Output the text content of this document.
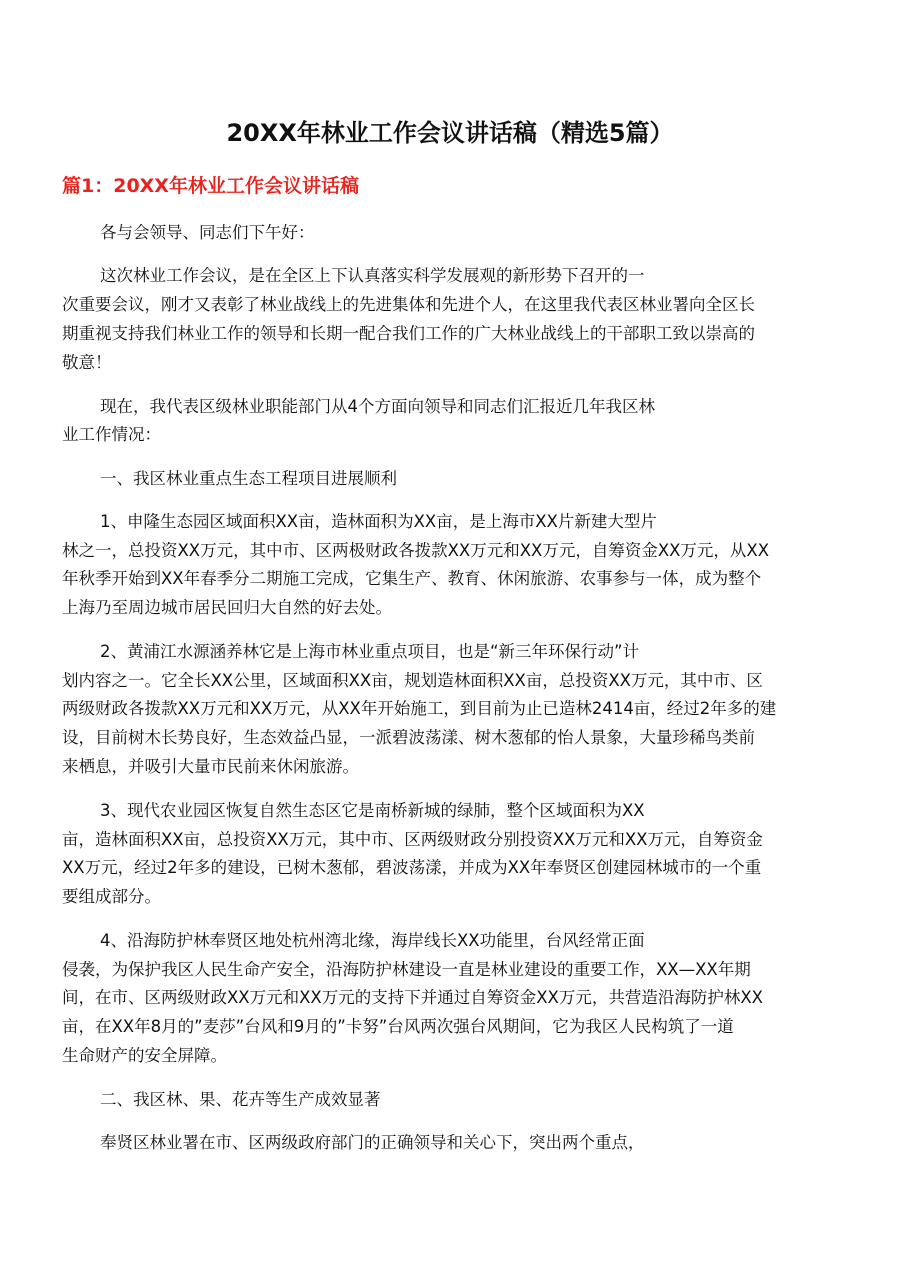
20XX年林业工作会议讲话稿（精选5篇）
篇1：20XX年林业工作会议讲话稿
各与会领导、同志们下午好：
这次林业工作会议，是在全区上下认真落实科学发展观的新形势下召开的一
次重要会议，刚才又表彰了林业战线上的先进集体和先进个人，在这里我代表区林业署向全区长
期重视支持我们林业工作的领导和长期一配合我们工作的广大林业战线上的干部职工致以崇高的
敬意！
现在，我代表区级林业职能部门从4个方面向领导和同志们汇报近几年我区林
业工作情况：
一、我区林业重点生态工程项目进展顺利
1、申隆生态园区域面积XX亩，造林面积为XX亩，是上海市XX片新建大型片
林之一，总投资XX万元，其中市、区两极财政各拨款XX万元和XX万元，自筹资金XX万元，从XX
年秋季开始到XX年春季分二期施工完成，它集生产、教育、休闲旅游、农事参与一体，成为整个
上海乃至周边城市居民回归大自然的好去处。
2、黄浦江水源涵养林它是上海市林业重点项目，也是“新三年环保行动”计
划内容之一。它全长XX公里，区域面积XX亩，规划造林面积XX亩，总投资XX万元，其中市、区
两级财政各拨款XX万元和XX万元，从XX年开始施工，到目前为止已造林2414亩，经过2年多的建
设，目前树木长势良好，生态效益凸显，一派碧波荡漾、树木葱郁的怡人景象，大量珍稀鸟类前
来栖息，并吸引大量市民前来休闲旅游。
3、现代农业园区恢复自然生态区它是南桥新城的绿肺，整个区域面积为XX
亩，造林面积XX亩，总投资XX万元，其中市、区两级财政分别投资XX万元和XX万元，自筹资金
XX万元，经过2年多的建设，已树木葱郁，碧波荡漾，并成为XX年奉贤区创建园林城市的一个重
要组成部分。
4、沿海防护林奉贤区地处杭州湾北缘，海岸线长XX功能里，台风经常正面
侵袭，为保护我区人民生命产安全，沿海防护林建设一直是林业建设的重要工作，XX—XX年期
间，在市、区两级财政XX万元和XX万元的支持下并通过自筹资金XX万元，共营造沿海防护林XX
亩，在XX年8月的”麦莎”台风和9月的”卡努”台风两次强台风期间，它为我区人民构筑了一道
生命财产的安全屏障。
二、我区林、果、花卉等生产成效显著
奉贤区林业署在市、区两级政府部门的正确领导和关心下，突出两个重点，
